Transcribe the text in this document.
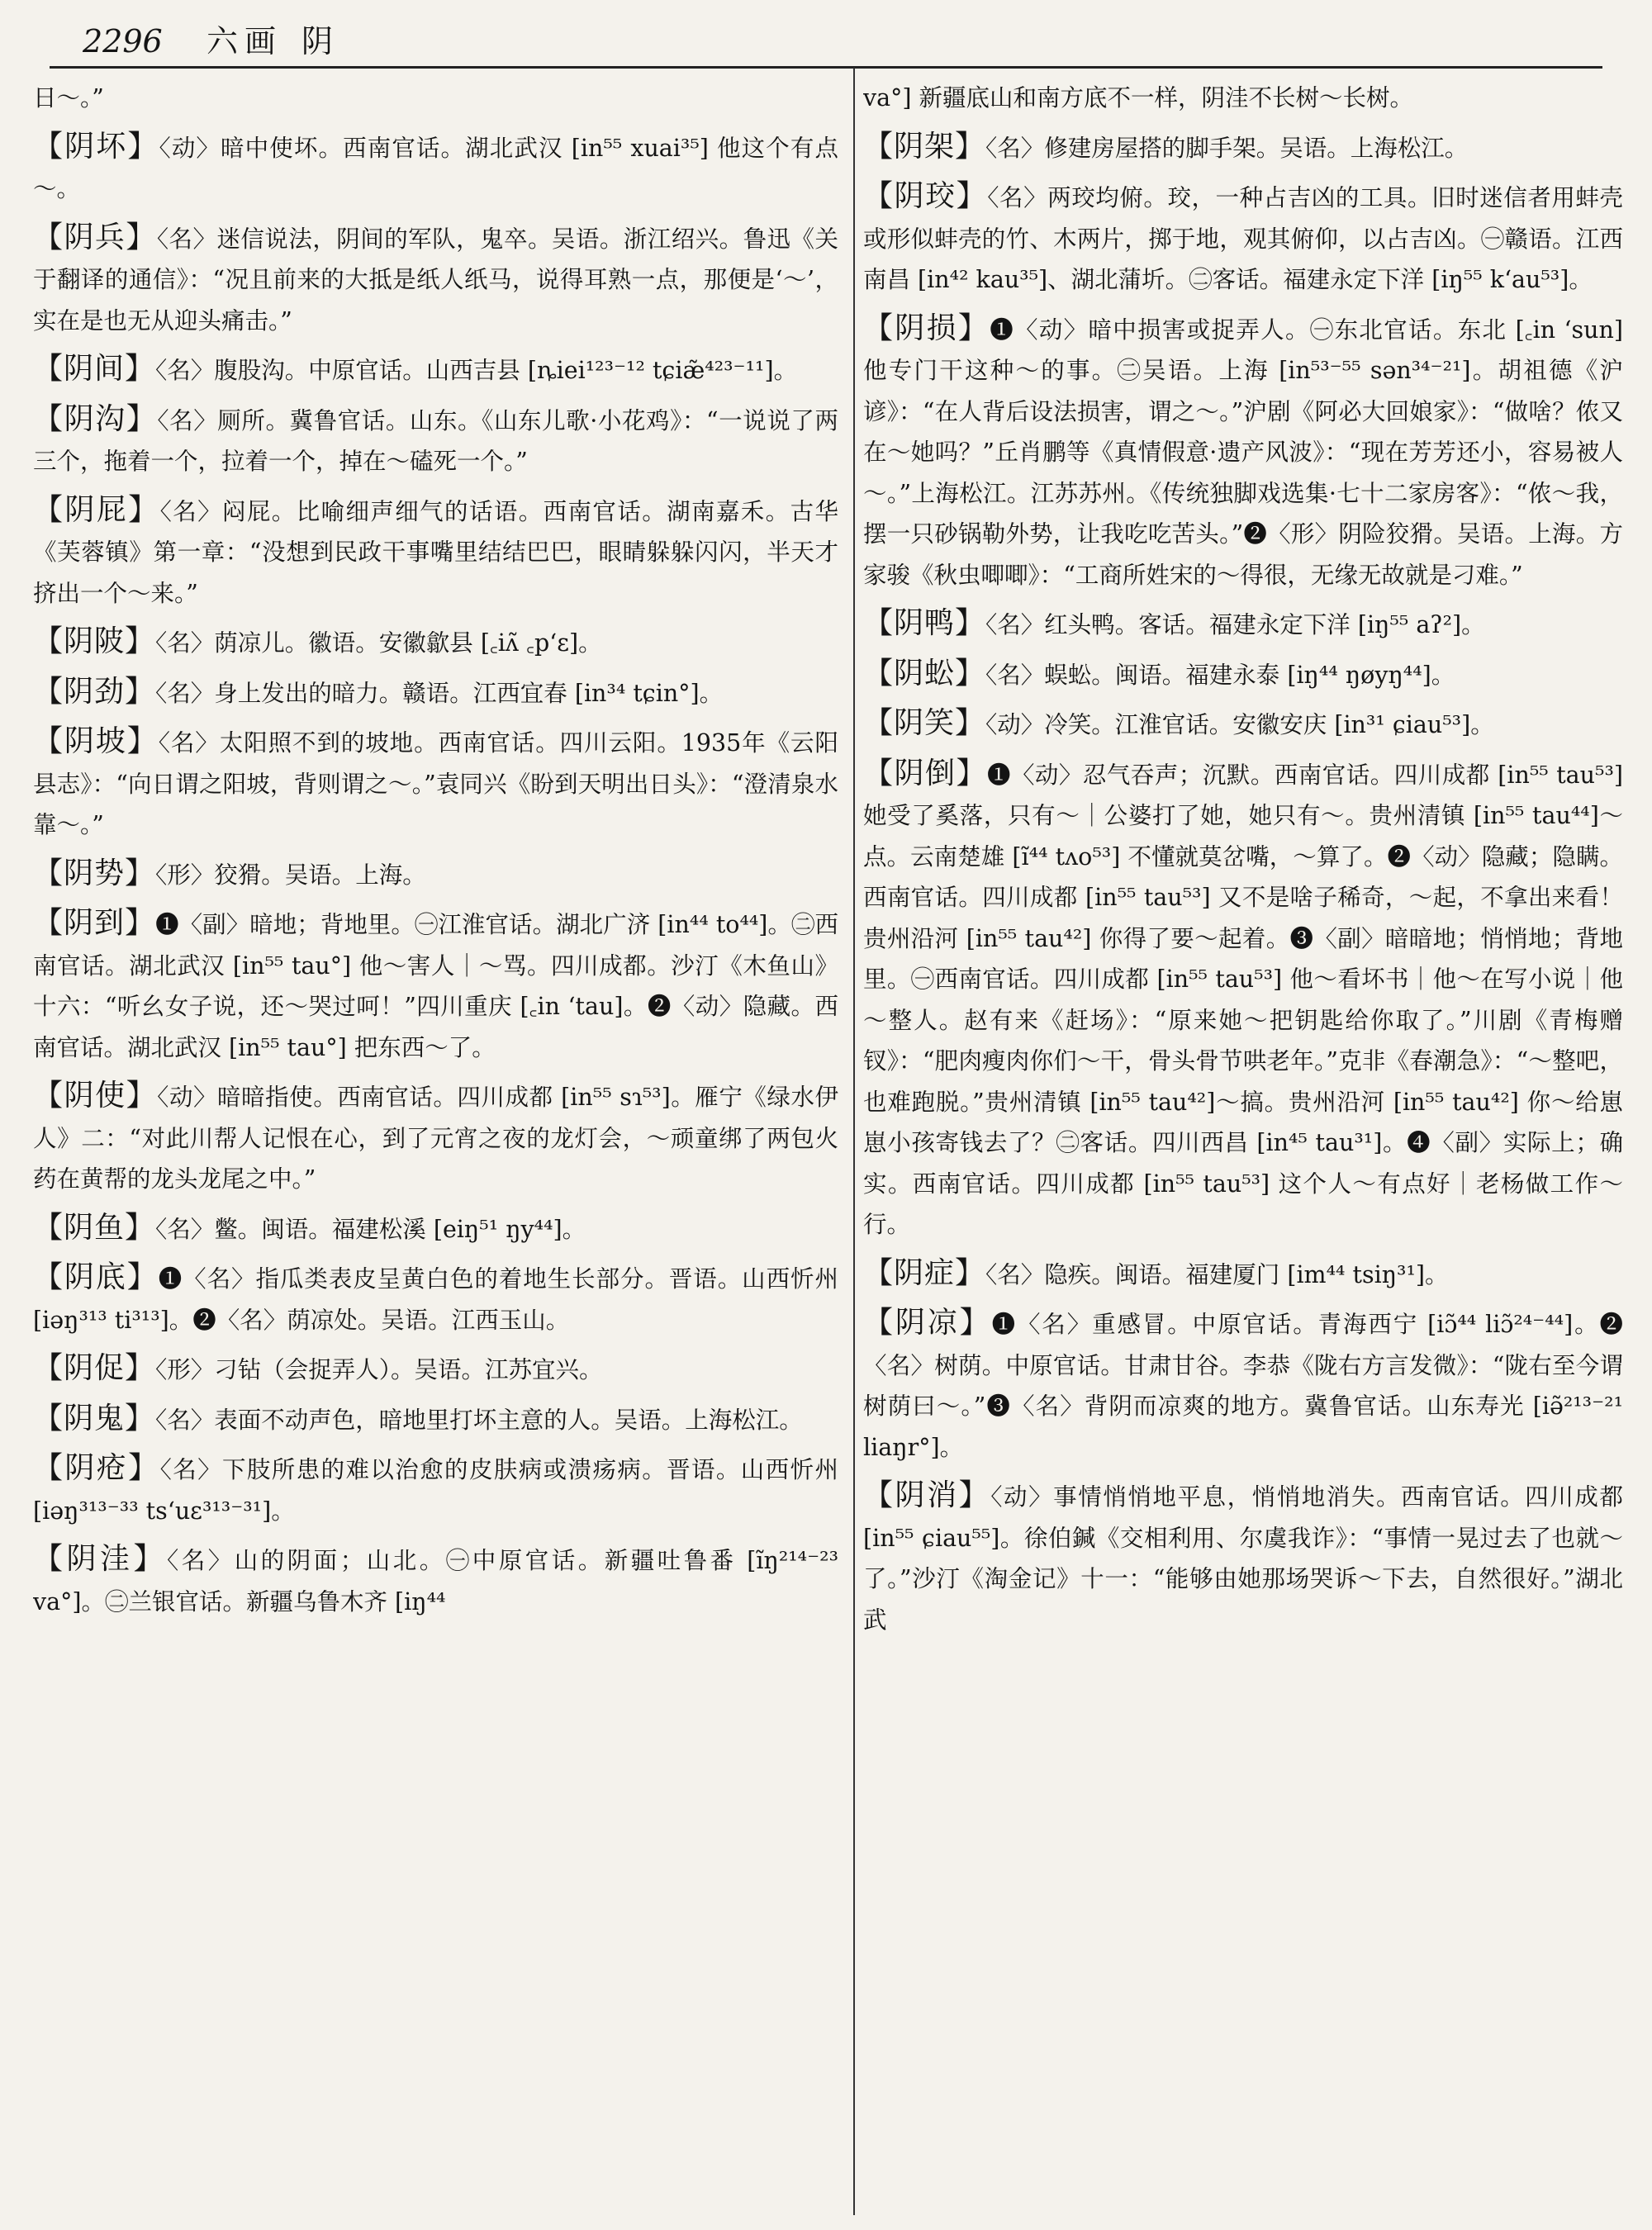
2296 六画 阴

日～。”

【阴坏】〈动〉暗中使坏。西南官话。湖北武汉 [in⁵⁵ xuai³⁵] 他这个有点～。

【阴兵】〈名〉迷信说法，阴间的军队，鬼卒。吴语。浙江绍兴。鲁迅《关于翻译的通信》：“况且前来的大抵是纸人纸马，说得耳熟一点，那便是‘～’，实在是也无从迎头痛击。”

【阴间】〈名〉腹股沟。中原官话。山西吉县 [ȵiei¹²³⁻¹² tɕiæ̃⁴²³⁻¹¹]。

【阴沟】〈名〉厕所。冀鲁官话。山东。《山东儿歌·小花鸡》：“一说说了两三个，拖着一个，拉着一个，掉在～磕死一个。”

【阴屁】〈名〉闷屁。比喻细声细气的话语。西南官话。湖南嘉禾。古华《芙蓉镇》第一章：“没想到民政干事嘴里结结巴巴，眼睛躲躲闪闪，半天才挤出一个～来。”

【阴陂】〈名〉荫凉儿。徽语。安徽歙县 [꜀iʌ̃ ꜀pʻɛ]。

【阴劲】〈名〉身上发出的暗力。赣语。江西宜春 [in³⁴ tɕin°]。

【阴坡】〈名〉太阳照不到的坡地。西南官话。四川云阳。1935年《云阳县志》：“向日谓之阳坡，背则谓之～。”袁同兴《盼到天明出日头》：“澄清泉水靠～。”

【阴势】〈形〉狡猾。吴语。上海。

【阴到】❶〈副〉暗地；背地里。㊀江淮官话。湖北广济 [in⁴⁴ to⁴⁴]。㊁西南官话。湖北武汉 [in⁵⁵ tau°] 他～害人｜～骂。四川成都。沙汀《木鱼山》十六：“听幺女子说，还～哭过呵！”四川重庆 [꜀in ʻtau]。❷〈动〉隐藏。西南官话。湖北武汉 [in⁵⁵ tau°] 把东西～了。

【阴使】〈动〉暗暗指使。西南官话。四川成都 [in⁵⁵ sɿ⁵³]。雁宁《绿水伊人》二：“对此川帮人记恨在心，到了元宵之夜的龙灯会，～顽童绑了两包火药在黄帮的龙头龙尾之中。”

【阴鱼】〈名〉鳖。闽语。福建松溪 [eiŋ⁵¹ ŋy⁴⁴]。

【阴底】❶〈名〉指瓜类表皮呈黄白色的着地生长部分。晋语。山西忻州 [iəŋ³¹³ ti³¹³]。❷〈名〉荫凉处。吴语。江西玉山。

【阴促】〈形〉刁钻（会捉弄人）。吴语。江苏宜兴。

【阴鬼】〈名〉表面不动声色，暗地里打坏主意的人。吴语。上海松江。

【阴疮】〈名〉下肢所患的难以治愈的皮肤病或溃疡病。晋语。山西忻州 [iəŋ³¹³⁻³³ tsʻuɛ³¹³⁻³¹]。

【阴洼】〈名〉山的阴面；山北。㊀中原官话。新疆吐鲁番 [ĩŋ²¹⁴⁻²³ va°]。㊁兰银官话。新疆乌鲁木齐 [iŋ⁴⁴

va°] 新疆底山和南方底不一样，阴洼不长树～长树。

【阴架】〈名〉修建房屋搭的脚手架。吴语。上海松江。

【阴珓】〈名〉两珓均俯。珓，一种占吉凶的工具。旧时迷信者用蚌壳或形似蚌壳的竹、木两片，掷于地，观其俯仰，以占吉凶。㊀赣语。江西南昌 [in⁴² kau³⁵]、湖北蒲圻。㊁客话。福建永定下洋 [iŋ⁵⁵ kʻau⁵³]。

【阴损】❶〈动〉暗中损害或捉弄人。㊀东北官话。东北 [꜀in ʻsun] 他专门干这种～的事。㊁吴语。上海 [in⁵³⁻⁵⁵ sən³⁴⁻²¹]。胡祖德《沪谚》：“在人背后设法损害，谓之～。”沪剧《阿必大回娘家》：“做啥？侬又在～她吗？”丘肖鹏等《真情假意·遗产风波》：“现在芳芳还小，容易被人～。”上海松江。江苏苏州。《传统独脚戏选集·七十二家房客》：“侬～我，摆一只砂锅勒外势，让我吃吃苦头。”❷〈形〉阴险狡猾。吴语。上海。方家骏《秋虫唧唧》：“工商所姓宋的～得很，无缘无故就是刁难。”

【阴鸭】〈名〉红头鸭。客话。福建永定下洋 [iŋ⁵⁵ aʔ²]。

【阴蚣】〈名〉蜈蚣。闽语。福建永泰 [iŋ⁴⁴ ŋøyŋ⁴⁴]。

【阴笑】〈动〉冷笑。江淮官话。安徽安庆 [in³¹ ɕiau⁵³]。

【阴倒】❶〈动〉忍气吞声；沉默。西南官话。四川成都 [in⁵⁵ tau⁵³] 她受了奚落，只有～｜公婆打了她，她只有～。贵州清镇 [in⁵⁵ tau⁴⁴]～点。云南楚雄 [ĩ⁴⁴ tʌo⁵³] 不懂就莫岔嘴，～算了。❷〈动〉隐藏；隐瞒。西南官话。四川成都 [in⁵⁵ tau⁵³] 又不是啥子稀奇，～起，不拿出来看！贵州沿河 [in⁵⁵ tau⁴²] 你得了要～起着。❸〈副〉暗暗地；悄悄地；背地里。㊀西南官话。四川成都 [in⁵⁵ tau⁵³] 他～看坏书｜他～在写小说｜他～整人。赵有来《赶场》：“原来她～把钥匙给你取了。”川剧《青梅赠钗》：“肥肉瘦肉你们～干，骨头骨节哄老年。”克非《春潮急》：“～整吧，也难跑脱。”贵州清镇 [in⁵⁵ tau⁴²]～搞。贵州沿河 [in⁵⁵ tau⁴²] 你～给崽崽小孩寄钱去了？㊁客话。四川西昌 [in⁴⁵ tau³¹]。❹〈副〉实际上；确实。西南官话。四川成都 [in⁵⁵ tau⁵³] 这个人～有点好｜老杨做工作～行。

【阴症】〈名〉隐疾。闽语。福建厦门 [im⁴⁴ tsiŋ³¹]。

【阴凉】❶〈名〉重感冒。中原官话。青海西宁 [iɔ̃⁴⁴ liɔ̃²⁴⁻⁴⁴]。❷〈名〉树荫。中原官话。甘肃甘谷。李恭《陇右方言发微》：“陇右至今谓树荫曰～。”❸〈名〉背阴而凉爽的地方。冀鲁官话。山东寿光 [iə̃²¹³⁻²¹ liaŋr°]。

【阴消】〈动〉事情悄悄地平息，悄悄地消失。西南官话。四川成都 [in⁵⁵ ɕiau⁵⁵]。徐伯鍼《交相利用、尔虞我诈》：“事情一晃过去了也就～了。”沙汀《淘金记》十一：“能够由她那场哭诉～下去，自然很好。”湖北武
